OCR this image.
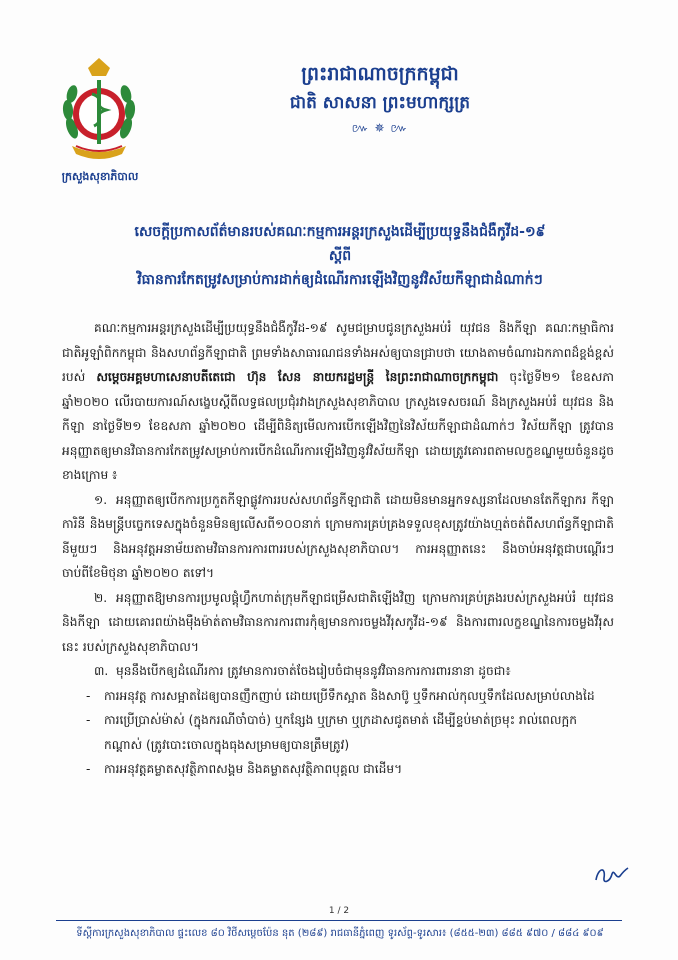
ក្រសួងសុខាភិបាល
ព្រះរាជាណាចក្រកម្ពុជា
ជាតិ សាសនា ព្រះមហាក្សត្រ
៚ ✵ ៚
សេចក្តីប្រកាសព័ត៌មានរបស់គណៈកម្មការអន្តរក្រសួងដើម្បីប្រយុទ្ធនឹងជំងឺកូវីដ-១៩
ស្តីពី
វិធានការកែតម្រូវសម្រាប់ការដាក់ឲ្យដំណើរការឡើងវិញនូវវិស័យកីឡាជាដំណាក់ៗ

គណៈកម្មការអន្តរក្រសួងដើម្បីប្រយុទ្ធនឹងជំងឺកូវីដ-១៩ សូមជម្រាបជូនក្រសួងអប់រំ យុវជន និងកីឡា គណៈកម្មាធិការជាតិអូឡាំពិកកម្ពុជា និងសហព័ន្ធកីឡាជាតិ ព្រមទាំងសាធារណជនទាំងអស់ឲ្យបានជ្រាបថា យោងតាមចំណារឯកភាពដ៏ខ្ពង់ខ្ពស់របស់ សម្តេចអគ្គមហាសេនាបតីតេជោ ហ៊ុន សែន នាយករដ្ឋមន្ត្រី នៃព្រះរាជាណាចក្រកម្ពុជា ចុះថ្ងៃទី២១ ខែឧសភា ឆ្នាំ២០២០ លើរបាយការណ៍សង្ខេបស្តីពីលទ្ធផលប្រជុំរវាងក្រសួងសុខាភិបាល ក្រសួងទេសចរណ៍ និងក្រសួងអប់រំ យុវជន និងកីឡា នាថ្ងៃទី២១ ខែឧសភា ឆ្នាំ២០២០ ដើម្បីពិនិត្យមើលការបើកឡើងវិញនៃវិស័យកីឡាជាដំណាក់ៗ វិស័យកីឡា ត្រូវបានអនុញ្ញាតឲ្យមានវិធានការកែតម្រូវសម្រាប់ការបើកដំណើរការឡើងវិញនូវវិស័យកីឡា ដោយត្រូវគោរពតាមលក្ខខណ្ឌមួយចំនួនដូចខាងក្រោម ៖

១. អនុញ្ញាតឲ្យបើកការប្រកួតកីឡាផ្លូវការរបស់សហព័ន្ធកីឡាជាតិ ដោយមិនមានអ្នកទស្សនាដែលមានតែកីឡាករ កីឡាការិនី និងមន្ត្រីបច្ចេកទេសក្នុងចំនួនមិនឲ្យលើសពី១០០នាក់ ក្រោមការគ្រប់គ្រងទទួលខុសត្រូវយ៉ាងហ្មត់ចត់ពីសហព័ន្ធកីឡាជាតិនីមួយៗ និងអនុវត្តអនាម័យតាមវិធានការការពាររបស់ក្រសួងសុខាភិបាល។ ការអនុញ្ញាតនេះ នឹងចាប់អនុវត្តជាបណ្តើរៗចាប់ពីខែមិថុនា ឆ្នាំ២០២០ តទៅ។

២. អនុញ្ញាតឱ្យមានការប្រមូលផ្តុំហ្វឹកហាត់ក្រុមកីឡាជម្រើសជាតិឡើងវិញ ក្រោមការគ្រប់គ្រងរបស់ក្រសួងអប់រំ យុវជន និងកីឡា ដោយគោរពយ៉ាងម៉ឺងម៉ាត់តាមវិធានការការពារកុំឲ្យមានការចម្លងវីរុសកូវីដ-១៩ និងការពារលក្ខខណ្ឌនៃការចម្លងវីរុសនេះ របស់ក្រសួងសុខាភិបាល។

៣. មុននឹងបើកឲ្យដំណើរការ ត្រូវមានការចាត់ចែងរៀបចំជាមុននូវវិធានការការពារនានា ដូចជា៖

- ការអនុវត្ត ការសម្អាតដៃឲ្យបានញឹកញាប់ ដោយប្រើទឹកស្អាត និងសាប៊ូ ឬទឹកអាល់កុលឬទឹកដែលសម្រាប់លាងដៃ
- ការប្រើប្រាស់ម៉ាស់ (ក្នុងករណីចាំបាច់) ឬកន្សែង ឬក្រមា ឬក្រដាសជូតមាត់ ដើម្បីខ្ទប់មាត់ច្រមុះ រាល់ពេលក្អកកណ្តាស់ (ត្រូវបោះចោលក្នុងធុងសម្រាមឲ្យបានត្រឹមត្រូវ)
- ការអនុវត្តគម្លាតសុវត្ថិភាពសង្គម និងគម្លាតសុវត្ថិភាពបុគ្គល ជាដើម។
1 / 2
ទីស្តីការក្រសួងសុខាភិបាល ផ្ទះលេខ ៨០ វិថីសម្តេចប៉ែន នុត (២៨៩) រាជធានីភ្នំពេញ ទូរស័ព្ទ-ទូរសារ៖ (៨៥៥-២៣) ៨៨៥ ៩៧០ / ៨៨៤ ៩០៩
